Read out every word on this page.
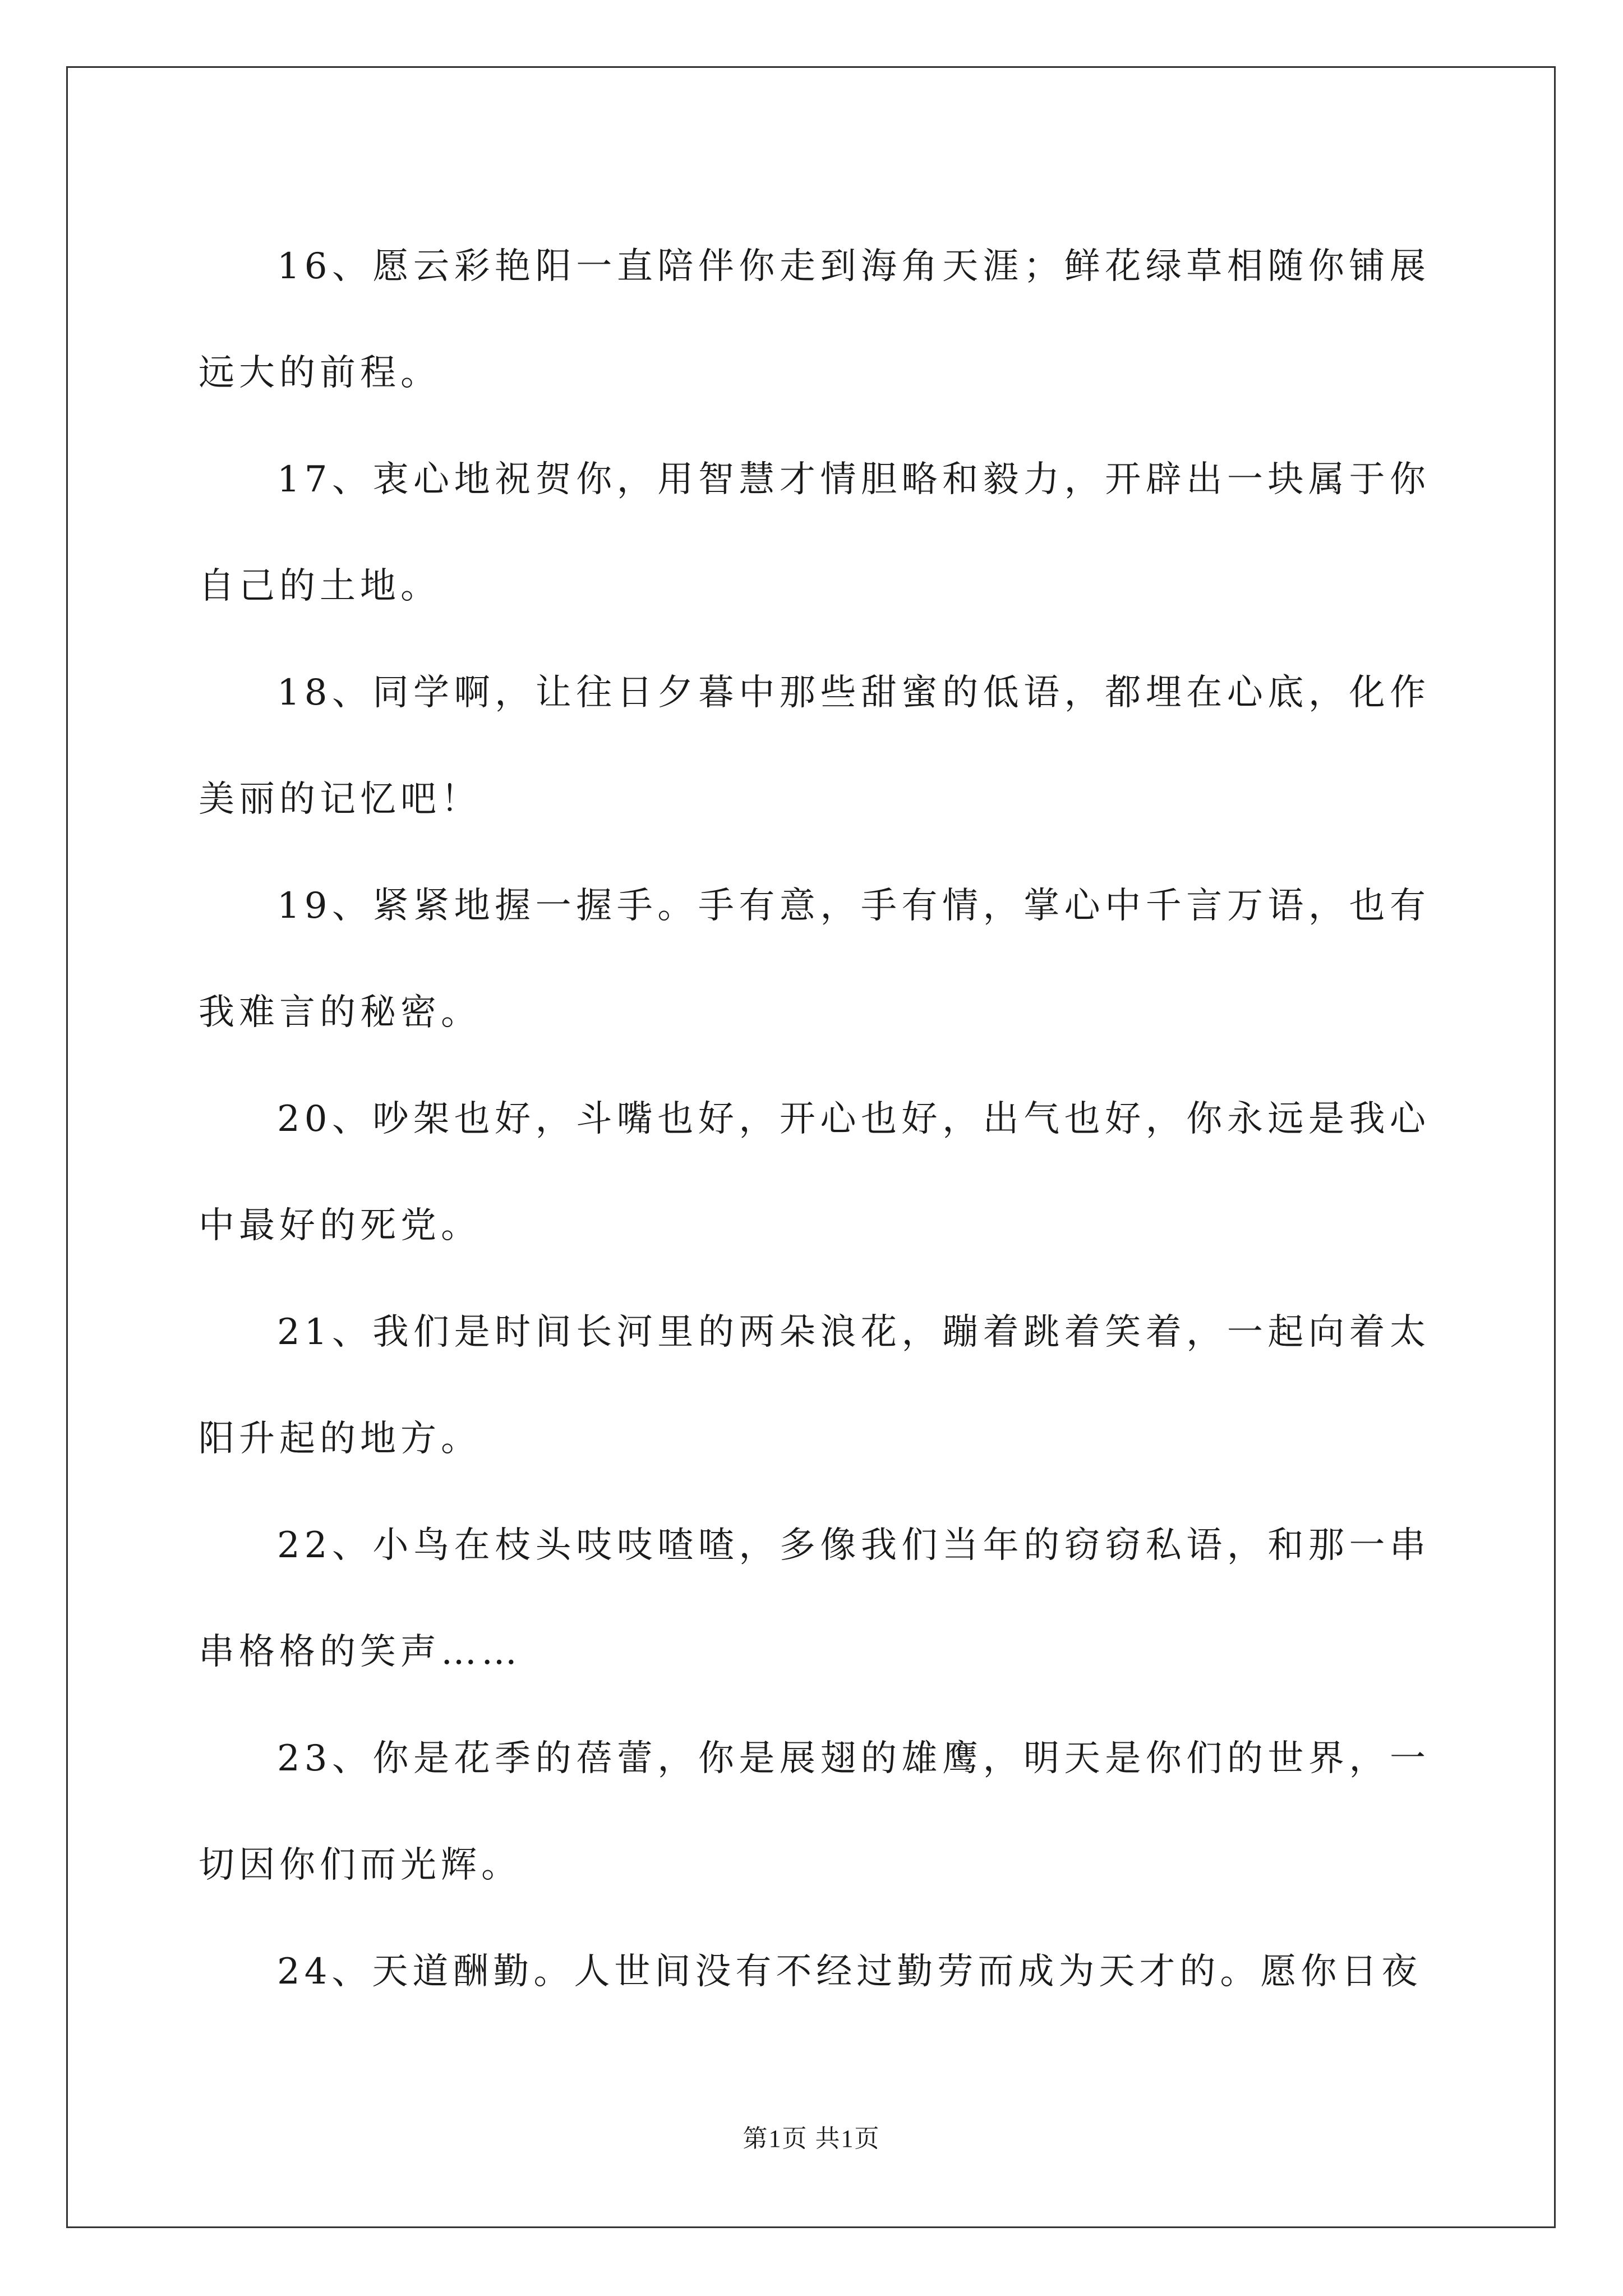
16、愿云彩艳阳一直陪伴你走到海角天涯；鲜花绿草相随你铺展远大的前程。

17、衷心地祝贺你，用智慧才情胆略和毅力，开辟出一块属于你自己的土地。

18、同学啊，让往日夕暮中那些甜蜜的低语，都埋在心底，化作美丽的记忆吧！

19、紧紧地握一握手。手有意，手有情，掌心中千言万语，也有我难言的秘密。

20、吵架也好，斗嘴也好，开心也好，出气也好，你永远是我心中最好的死党。

21、我们是时间长河里的两朵浪花，蹦着跳着笑着，一起向着太阳升起的地方。

22、小鸟在枝头吱吱喳喳，多像我们当年的窃窃私语，和那一串串格格的笑声……

23、你是花季的蓓蕾，你是展翅的雄鹰，明天是你们的世界，一切因你们而光辉。

24、天道酬勤。人世间没有不经过勤劳而成为天才的。愿你日夜

第1页 共1页
